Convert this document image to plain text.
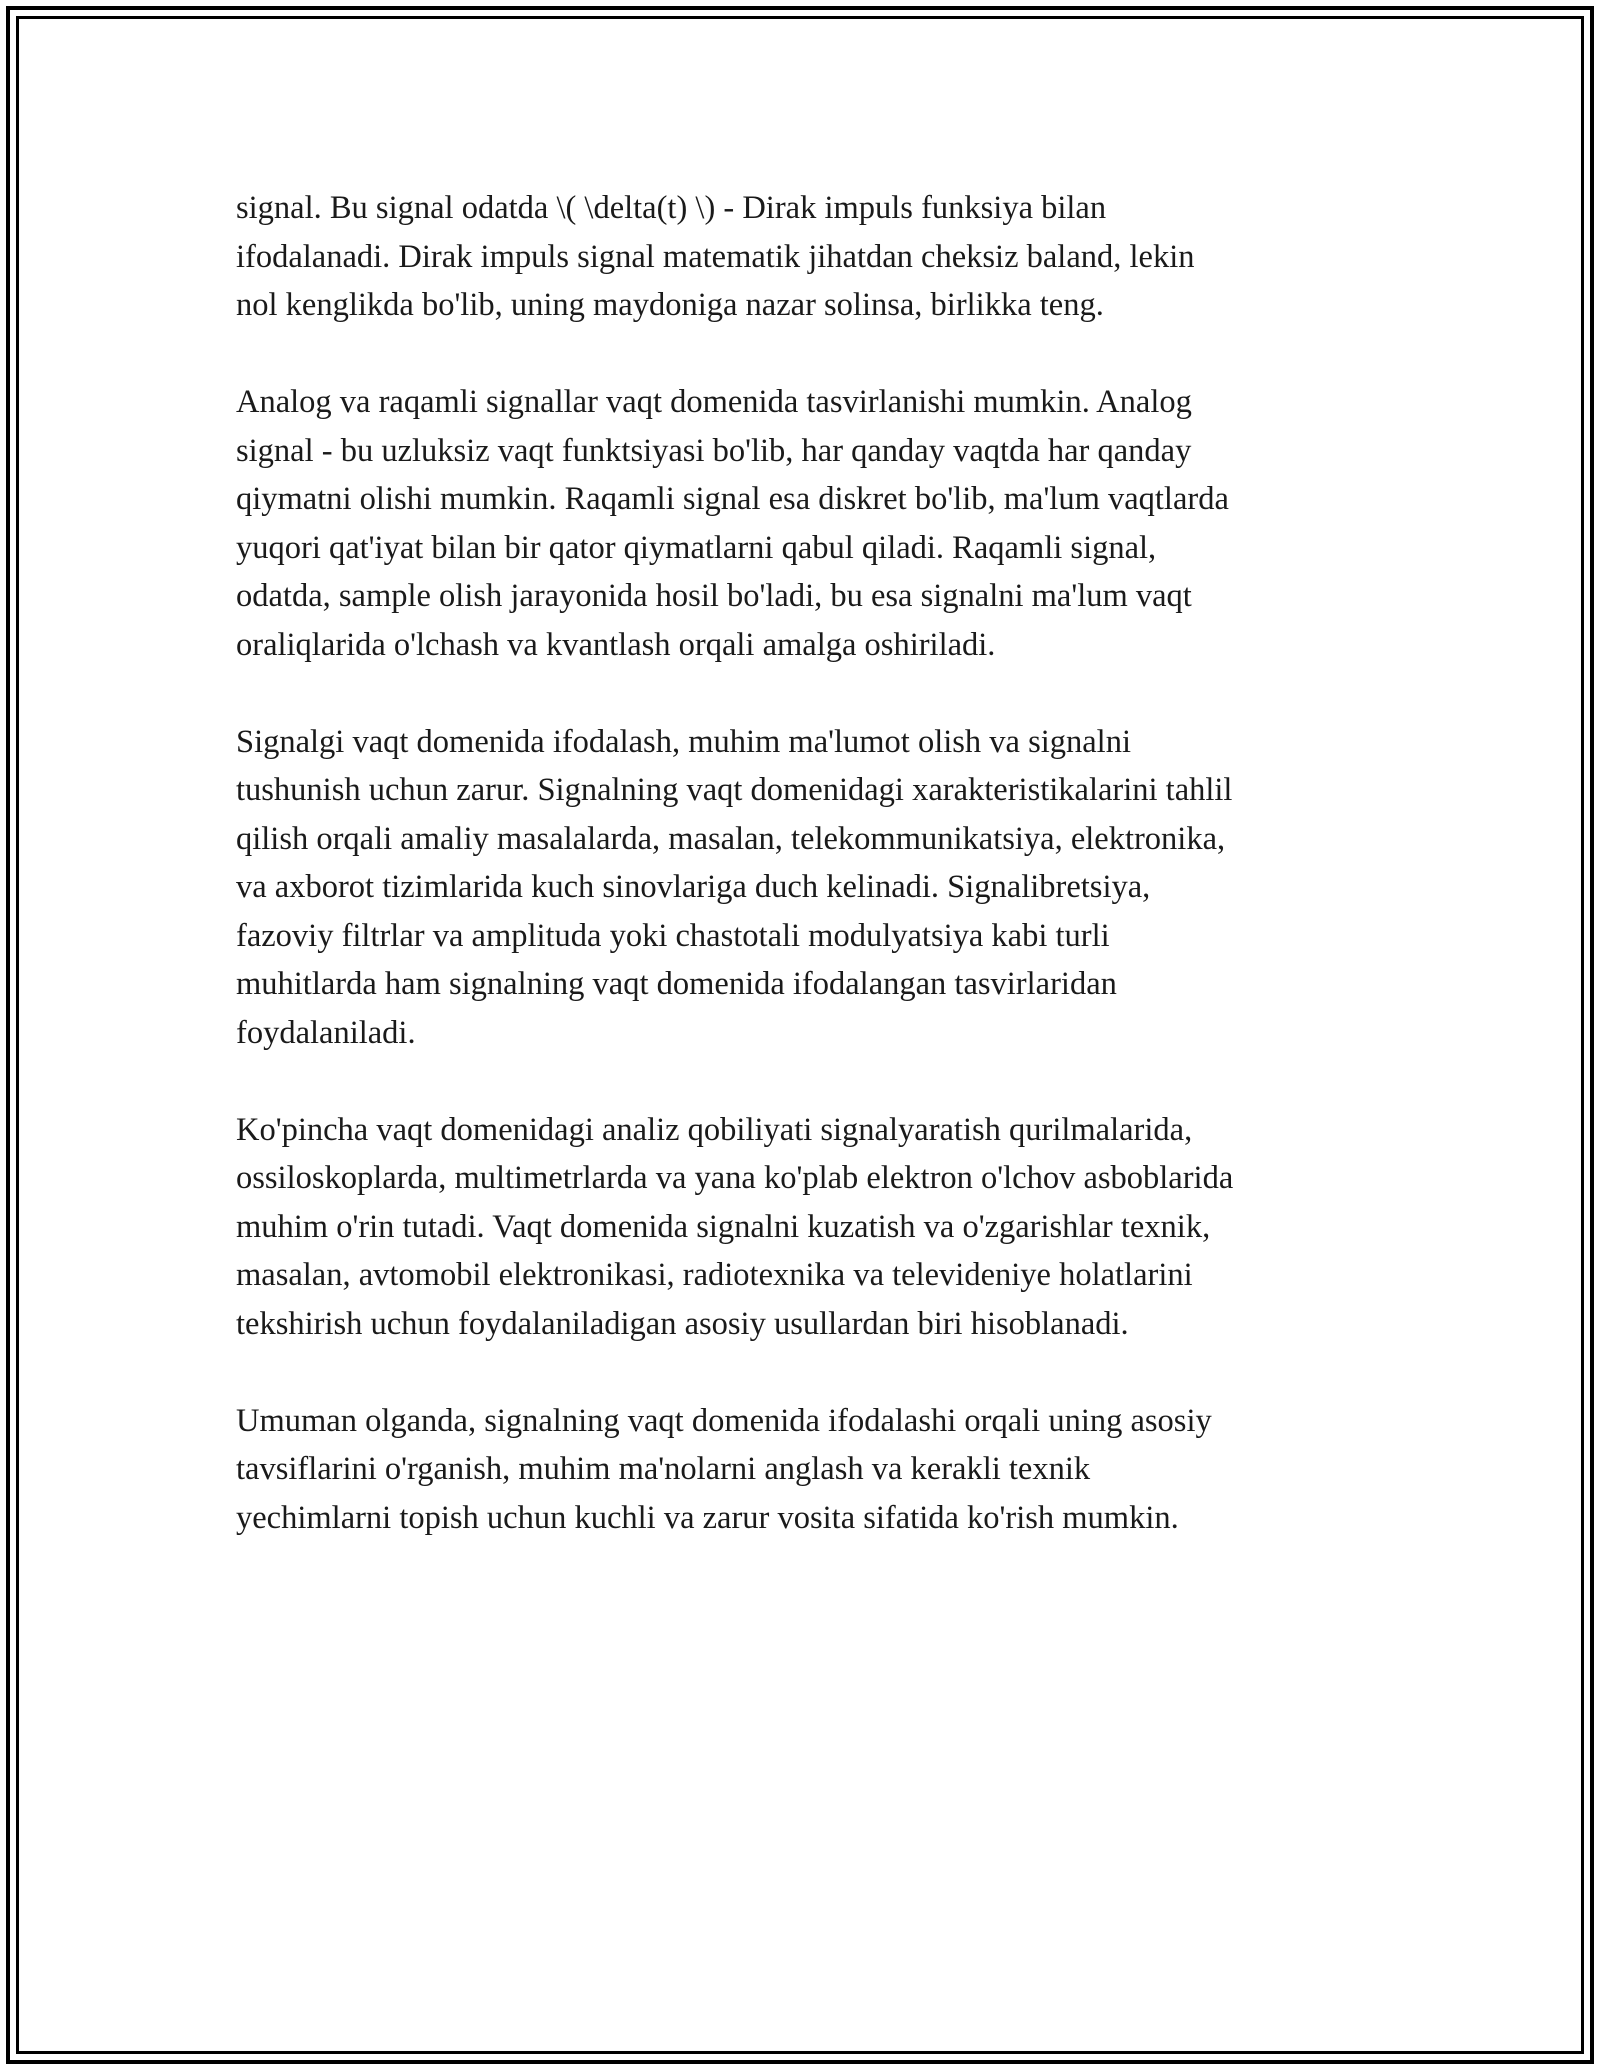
signal. Bu signal odatda \( \delta(t) \) - Dirak impuls funksiya bilan
ifodalanadi. Dirak impuls signal matematik jihatdan cheksiz baland, lekin
nol kenglikda bo'lib, uning maydoniga nazar solinsa, birlikka teng.

Analog va raqamli signallar vaqt domenida tasvirlanishi mumkin. Analog
signal - bu uzluksiz vaqt funktsiyasi bo'lib, har qanday vaqtda har qanday
qiymatni olishi mumkin. Raqamli signal esa diskret bo'lib, ma'lum vaqtlarda
yuqori qat'iyat bilan bir qator qiymatlarni qabul qiladi. Raqamli signal,
odatda, sample olish jarayonida hosil bo'ladi, bu esa signalni ma'lum vaqt
oraliqlarida o'lchash va kvantlash orqali amalga oshiriladi.

Signalgi vaqt domenida ifodalash, muhim ma'lumot olish va signalni
tushunish uchun zarur. Signalning vaqt domenidagi xarakteristikalarini tahlil
qilish orqali amaliy masalalarda, masalan, telekommunikatsiya, elektronika,
va axborot tizimlarida kuch sinovlariga duch kelinadi. Signalibretsiya,
fazoviy filtrlar va amplituda yoki chastotali modulyatsiya kabi turli
muhitlarda ham signalning vaqt domenida ifodalangan tasvirlaridan
foydalaniladi.

Ko'pincha vaqt domenidagi analiz qobiliyati signalyaratish qurilmalarida,
ossiloskoplarda, multimetrlarda va yana ko'plab elektron o'lchov asboblarida
muhim o'rin tutadi. Vaqt domenida signalni kuzatish va o'zgarishlar texnik,
masalan, avtomobil elektronikasi, radiotexnika va televideniye holatlarini
tekshirish uchun foydalaniladigan asosiy usullardan biri hisoblanadi.

Umuman olganda, signalning vaqt domenida ifodalashi orqali uning asosiy
tavsiflarini o'rganish, muhim ma'nolarni anglash va kerakli texnik
yechimlarni topish uchun kuchli va zarur vosita sifatida ko'rish mumkin.
